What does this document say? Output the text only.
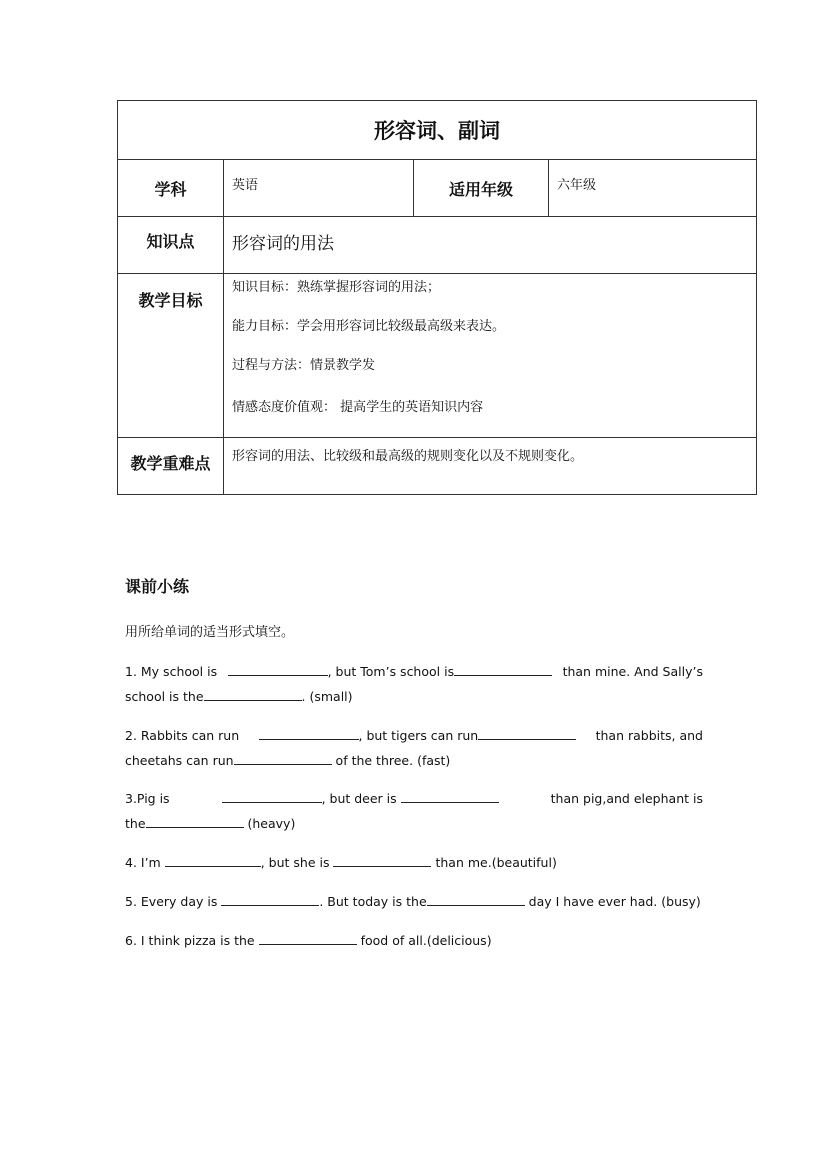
形容词、副词			
学科	英语	适用年级	六年级
知识点	形容词的用法		
教学目标	知识目标：熟练掌握形容词的用法；
能力目标：学会用形容词比较级最高级来表达。
过程与方法：情景教学发
情感态度价值观： 提高学生的英语知识内容		

教学重难点	形容词的用法、比较级和最高级的规则变化以及不规则变化。		
课前小练
用所给单词的适当形式填空。
1. My school is	, but Tom’s school is	than mine. And Sally’s
school is the	. (small)
2. Rabbits can run	, but tigers can run	than rabbits, and
cheetahs can run	of the three. (fast)
3.Pig is	, but deer is	than pig,and elephant is
the	(heavy)
4. I’m	, but she is	than me.(beautiful)
5. Every day is	. But today is the	day I have ever had. (busy)
6. I think pizza is the	food of all.(delicious)
